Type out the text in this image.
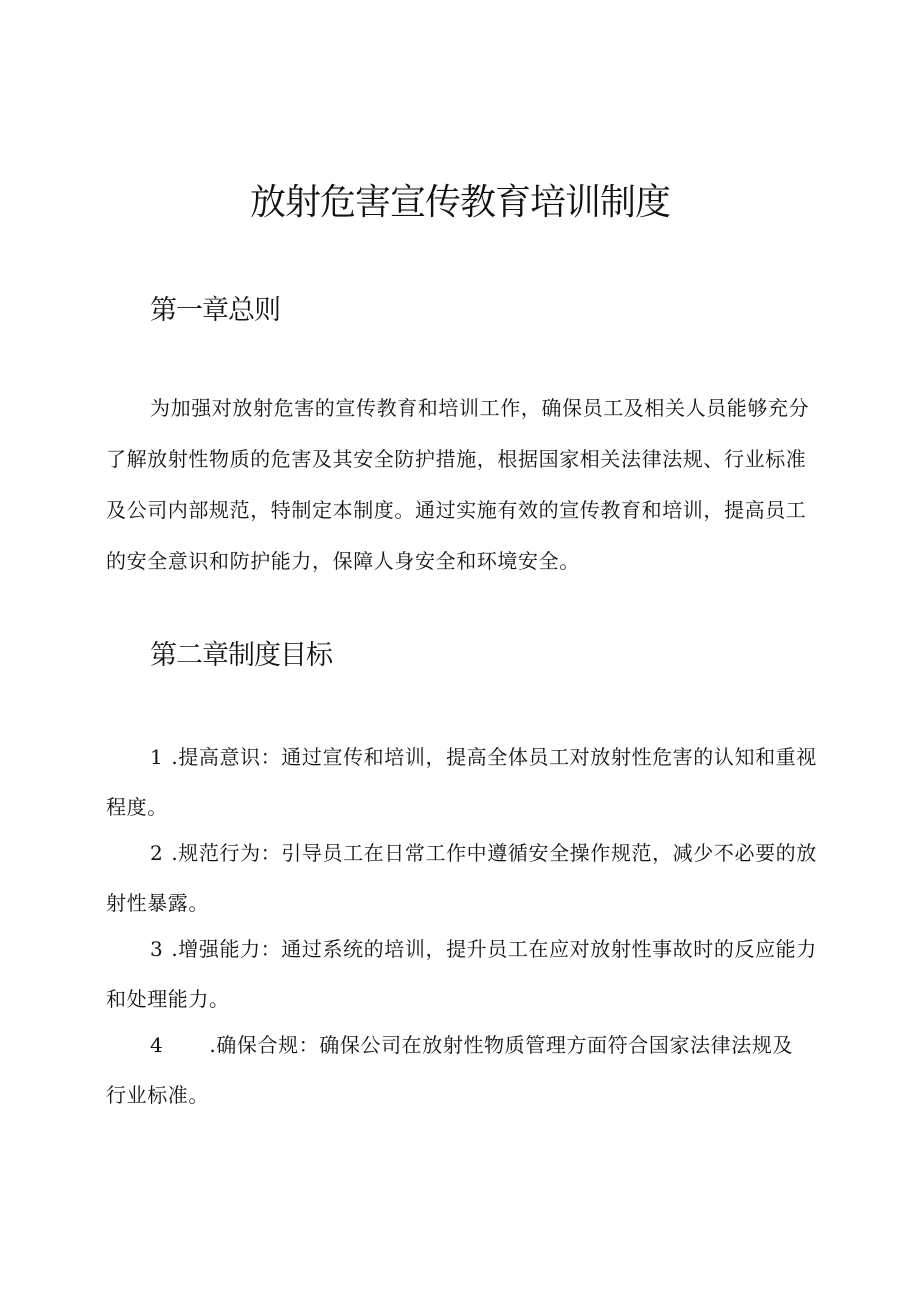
放射危害宣传教育培训制度
第一章总则

为加强对放射危害的宣传教育和培训工作，确保员工及相关人员能够充分了解放射性物质的危害及其安全防护措施，根据国家相关法律法规、行业标准及公司内部规范，特制定本制度。通过实施有效的宣传教育和培训，提高员工的安全意识和防护能力，保障人身安全和环境安全。

第二章制度目标

1 .提高意识：通过宣传和培训，提高全体员工对放射性危害的认知和重视程度。

2 .规范行为：引导员工在日常工作中遵循安全操作规范，减少不必要的放射性暴露。

3 .增强能力：通过系统的培训，提升员工在应对放射性事故时的反应能力和处理能力。

4 .确保合规：确保公司在放射性物质管理方面符合国家法律法规及行业标准。
